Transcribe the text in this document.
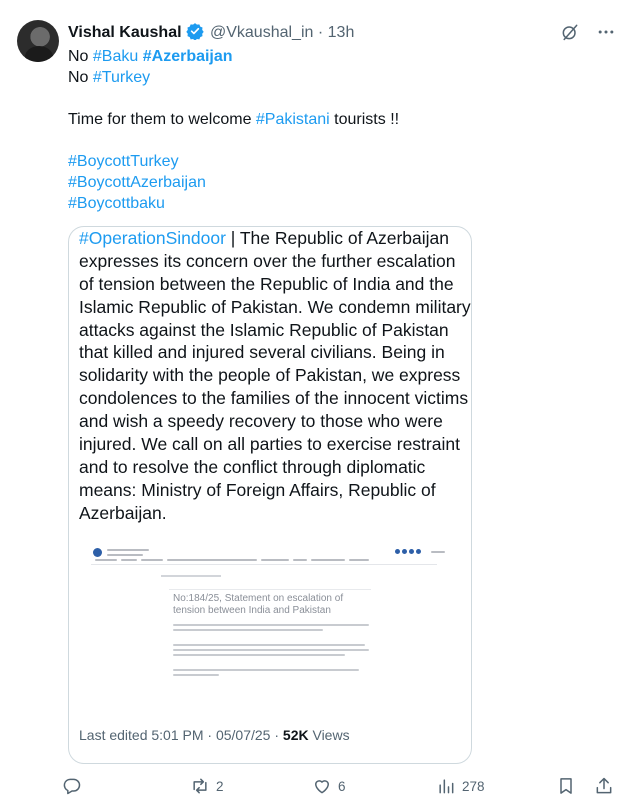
Vishal Kaushal @Vkaushal_in · 13h
No #Baku #Azerbaijan
No #Turkey
Time for them to welcome #Pakistani tourists !!
#BoycottTurkey
#BoycottAzerbaijan
#Boycottbaku
#OperationSindoor | The Republic of Azerbaijan
expresses its concern over the further escalation
of tension between the Republic of India and the
Islamic Republic of Pakistan. We condemn military
attacks against the Islamic Republic of Pakistan
that killed and injured several civilians. Being in
solidarity with the people of Pakistan, we express
condolences to the families of the innocent victims
and wish a speedy recovery to those who were
injured. We call on all parties to exercise restraint
and to resolve the conflict through diplomatic
means: Ministry of Foreign Affairs, Republic of
Azerbaijan.
No:184/25, Statement on escalation of
tension between India and Pakistan
Last edited 5:01 PM · 05/07/25 · 52K Views
2	6	278
